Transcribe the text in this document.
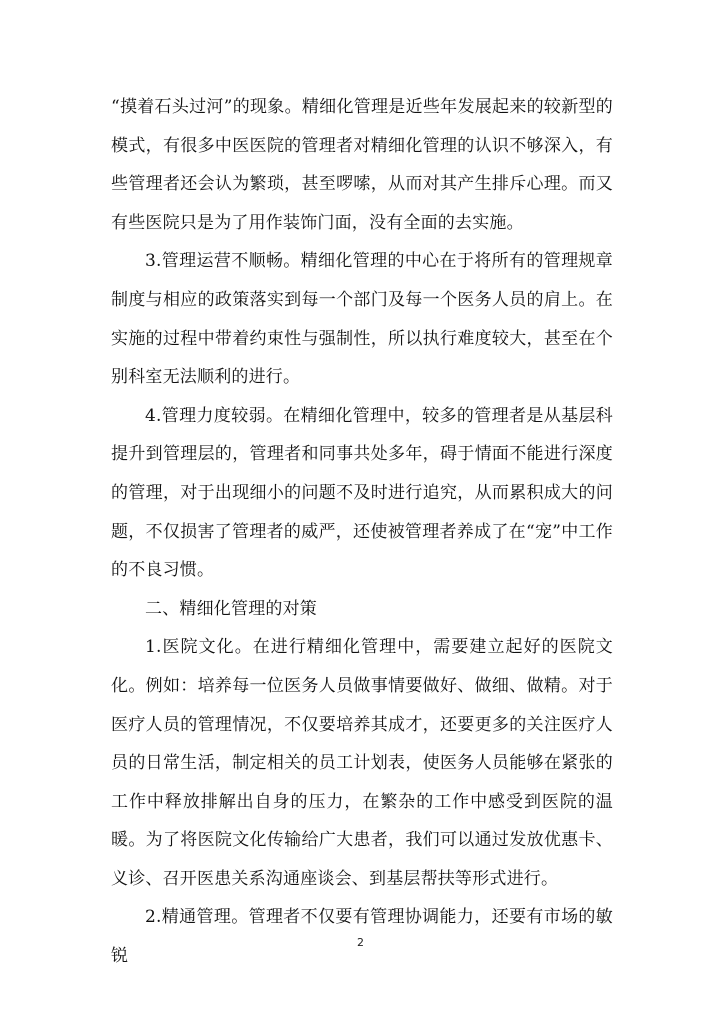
“摸着石头过河”的现象。精细化管理是近些年发展起来的较新型的模式，有很多中医医院的管理者对精细化管理的认识不够深入，有些管理者还会认为繁琐，甚至啰嗦，从而对其产生排斥心理。而又有些医院只是为了用作装饰门面，没有全面的去实施。

3.管理运营不顺畅。精细化管理的中心在于将所有的管理规章制度与相应的政策落实到每一个部门及每一个医务人员的肩上。在实施的过程中带着约束性与强制性，所以执行难度较大，甚至在个别科室无法顺利的进行。

4.管理力度较弱。在精细化管理中，较多的管理者是从基层科提升到管理层的，管理者和同事共处多年，碍于情面不能进行深度的管理，对于出现细小的问题不及时进行追究，从而累积成大的问题，不仅损害了管理者的威严，还使被管理者养成了在“宠”中工作的不良习惯。

二、精细化管理的对策

1.医院文化。在进行精细化管理中，需要建立起好的医院文化。例如：培养每一位医务人员做事情要做好、做细、做精。对于医疗人员的管理情况，不仅要培养其成才，还要更多的关注医疗人员的日常生活，制定相关的员工计划表，使医务人员能够在紧张的工作中释放排解出自身的压力，在繁杂的工作中感受到医院的温暖。为了将医院文化传输给广大患者，我们可以通过发放优惠卡、义诊、召开医患关系沟通座谈会、到基层帮扶等形式进行。

2.精通管理。管理者不仅要有管理协调能力，还要有市场的敏锐

2
